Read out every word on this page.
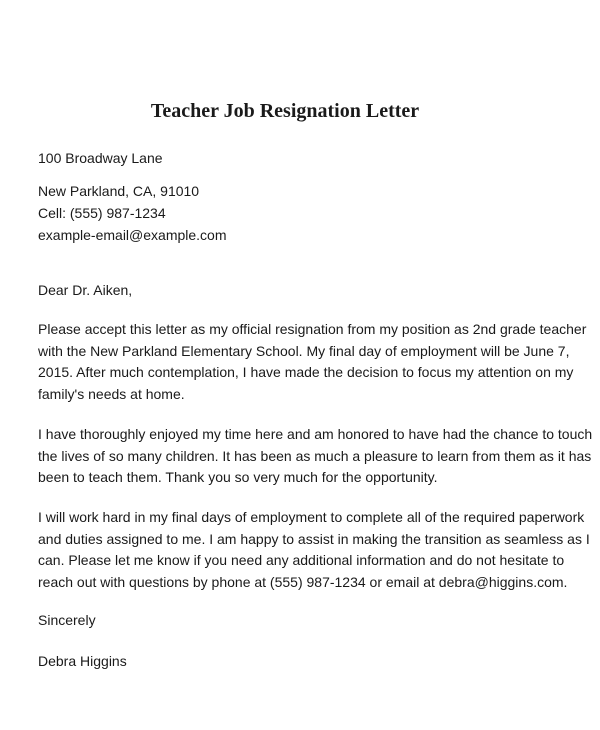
Teacher Job Resignation Letter
100 Broadway Lane
New Parkland, CA, 91010
Cell: (555) 987-1234
example-email@example.com
Dear Dr. Aiken,
Please accept this letter as my official resignation from my position as 2nd grade teacher
with the New Parkland Elementary School. My final day of employment will be June 7,
2015. After much contemplation, I have made the decision to focus my attention on my
family's needs at home.
I have thoroughly enjoyed my time here and am honored to have had the chance to touch
the lives of so many children. It has been as much a pleasure to learn from them as it has
been to teach them. Thank you so very much for the opportunity.
I will work hard in my final days of employment to complete all of the required paperwork
and duties assigned to me. I am happy to assist in making the transition as seamless as I
can. Please let me know if you need any additional information and do not hesitate to
reach out with questions by phone at (555) 987-1234 or email at debra@higgins.com.
Sincerely
Debra Higgins
